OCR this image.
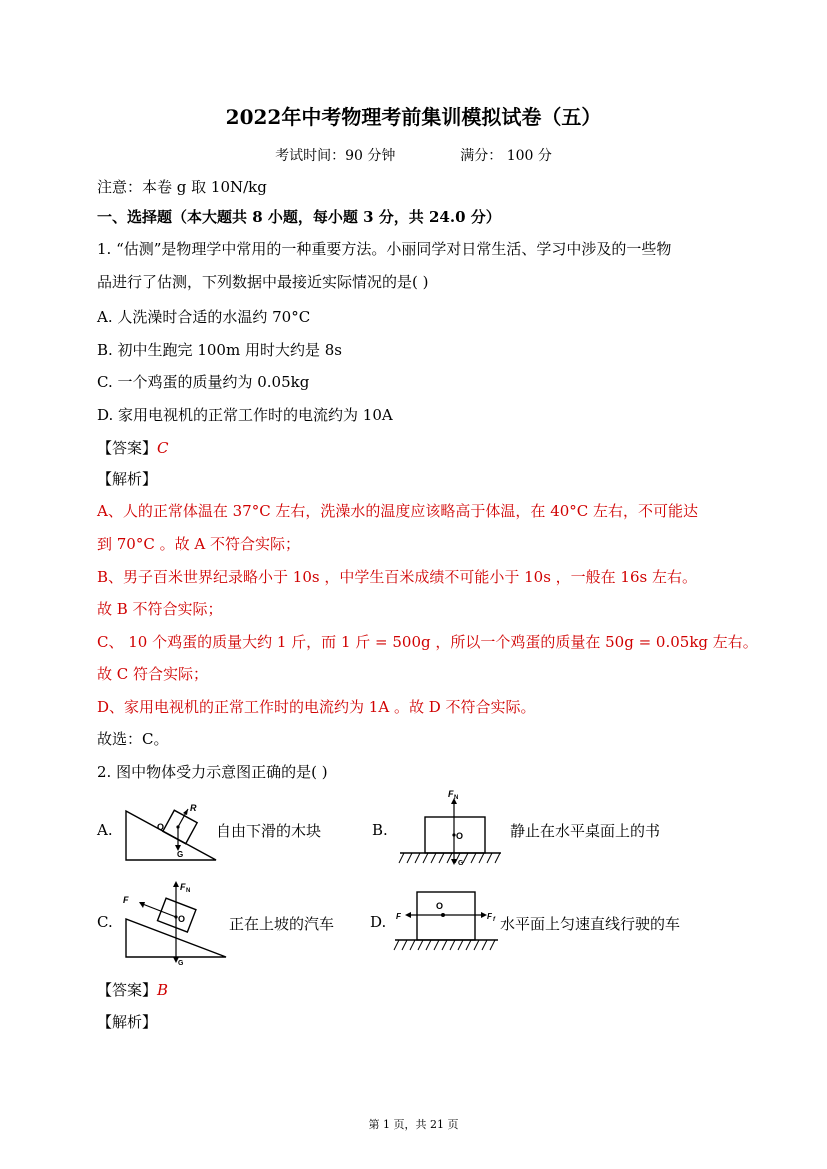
2022年中考物理考前集训模拟试卷（五）
考试时间：90 分钟	满分： 100 分
注意：本卷 g 取 10N/kg
一、选择题（本大题共 8 小题，每小题 3 分，共 24.0 分）
1. “估测”是物理学中常用的一种重要方法。小丽同学对日常生活、学习中涉及的一些物
品进行了估测，下列数据中最接近实际情况的是( )
A. 人洗澡时合适的水温约 70°C
B. 初中生跑完 100m 用时大约是 8s
C. 一个鸡蛋的质量约为 0.05kg
D. 家用电视机的正常工作时的电流约为 10A
【答案】C
【解析】
A、人的正常体温在 37°C 左右，洗澡水的温度应该略高于体温，在 40°C 左右，不可能达
到 70°C 。故 A 不符合实际；
B、男子百米世界纪录略小于 10s ，中学生百米成绩不可能小于 10s ，一般在 16s 左右。
故 B 不符合实际；
C、 10 个鸡蛋的质量大约 1 斤，而 1 斤 = 500g ，所以一个鸡蛋的质量在 50g = 0.05kg 左右。
故 C 符合实际；
D、家用电视机的正常工作时的电流约为 1A 。故 D 不符合实际。
故选：C。
2. 图中物体受力示意图正确的是( )
A.
R
O
G
自由下滑的木块	B.
F N
O
G
静止在水平桌面上的书
C.
F
F N
O
G
正在上坡的汽车 D. F
O
F f 水平面上匀速直线行驶的车
【答案】B
【解析】
第 1 页，共 21 页
